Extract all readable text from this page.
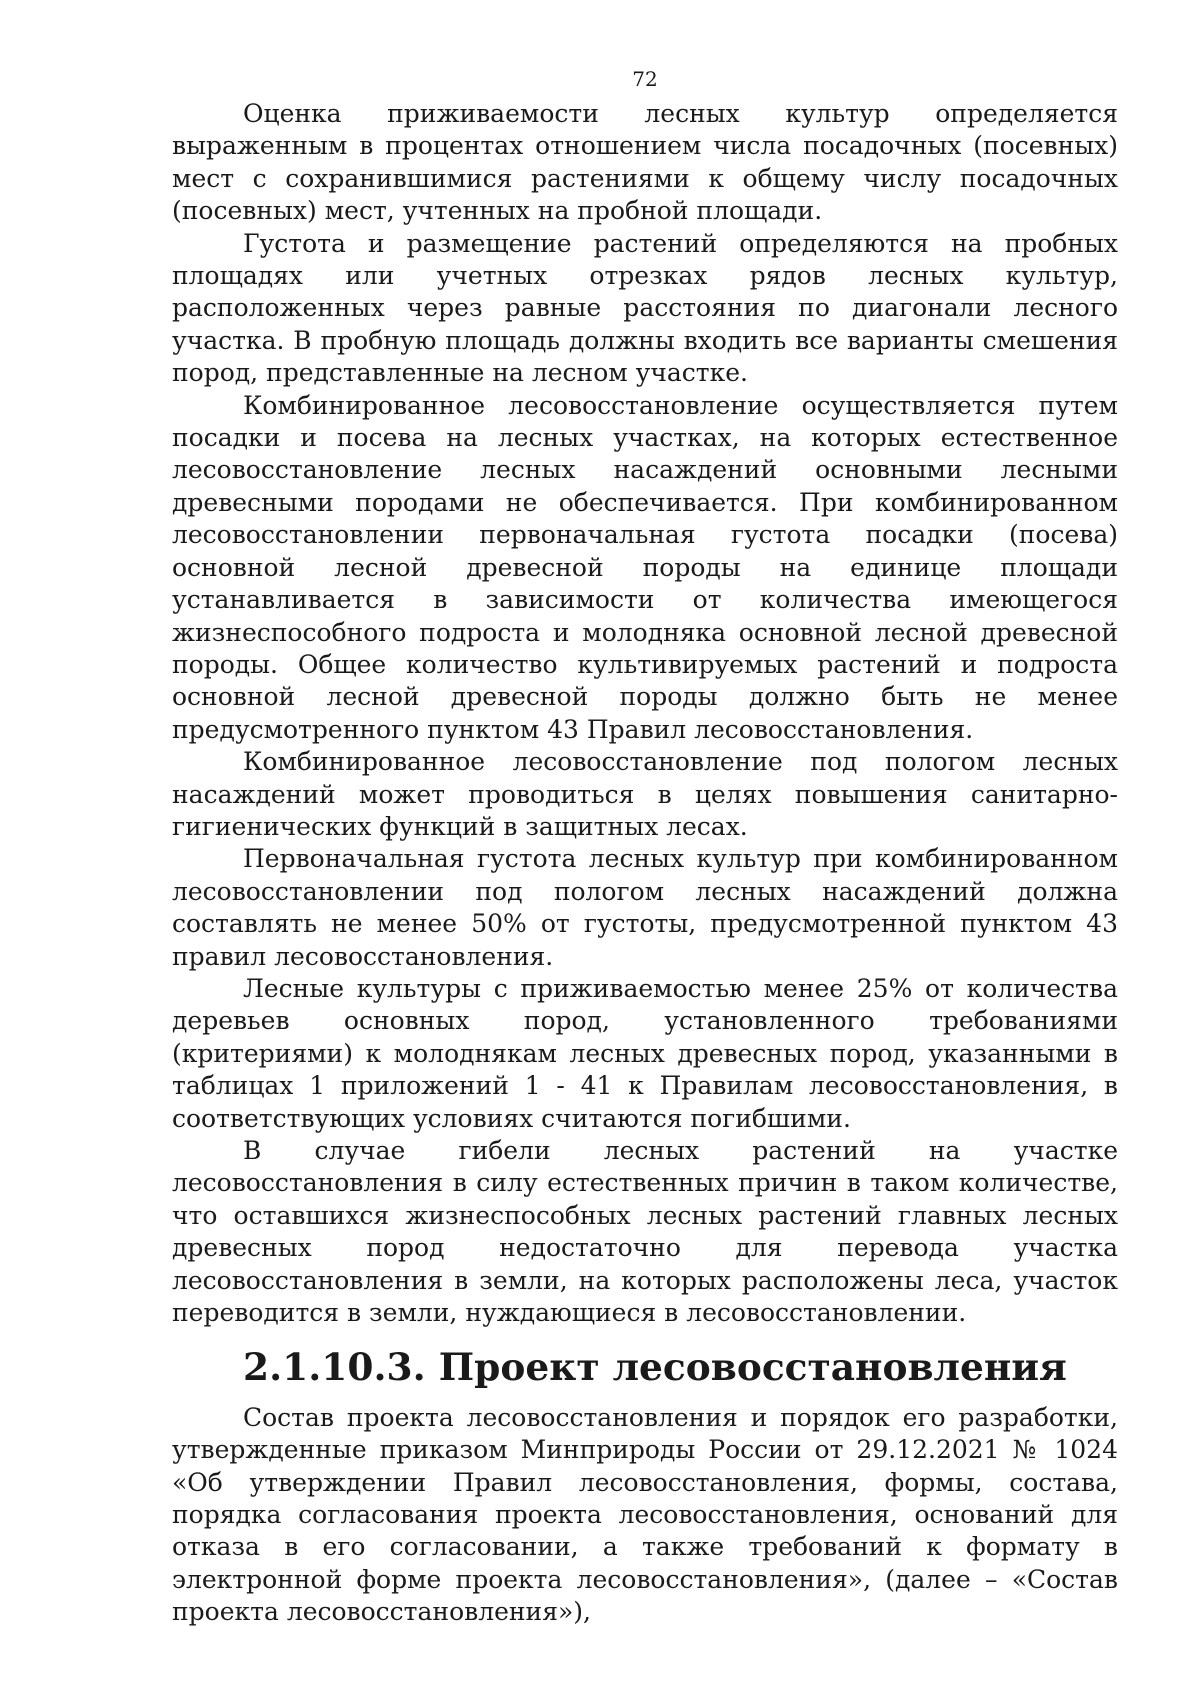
72

Оценка приживаемости лесных культур определяется выраженным в процентах отношением числа посадочных (посевных) мест с сохранившимися растениями к общему числу посадочных (посевных) мест, учтенных на пробной площади.

Густота и размещение растений определяются на пробных площадях или учетных отрезках рядов лесных культур, расположенных через равные расстояния по диагонали лесного участка. В пробную площадь должны входить все варианты смешения пород, представленные на лесном участке.

Комбинированное лесовосстановление осуществляется путем посадки и посева на лесных участках, на которых естественное лесовосстановление лесных насаждений основными лесными древесными породами не обеспечивается. При комбинированном лесовосстановлении первоначальная густота посадки (посева) основной лесной древесной породы на единице площади устанавливается в зависимости от количества имеющегося жизнеспособного подроста и молодняка основной лесной древесной породы. Общее количество культивируемых растений и подроста основной лесной древесной породы должно быть не менее предусмотренного пунктом 43 Правил лесовосстановления.

Комбинированное лесовосстановление под пологом лесных насаждений может проводиться в целях повышения санитарно-гигиенических функций в защитных лесах.

Первоначальная густота лесных культур при комбинированном лесовосстановлении под пологом лесных насаждений должна составлять не менее 50% от густоты, предусмотренной пунктом 43 правил лесовосстановления.

Лесные культуры с приживаемостью менее 25% от количества деревьев основных пород, установленного требованиями (критериями) к молоднякам лесных древесных пород, указанными в таблицах 1 приложений 1 - 41 к Правилам лесовосстановления, в соответствующих условиях считаются погибшими.

В случае гибели лесных растений на участке лесовосстановления в силу естественных причин в таком количестве, что оставшихся жизнеспособных лесных растений главных лесных древесных пород недостаточно для перевода участка лесовосстановления в земли, на которых расположены леса, участок переводится в земли, нуждающиеся в лесовосстановлении.

2.1.10.3. Проект лесовосстановления

Состав проекта лесовосстановления и порядок его разработки, утвержденные приказом Минприроды России от 29.12.2021 № 1024 «Об утверждении Правил лесовосстановления, формы, состава, порядка согласования проекта лесовосстановления, оснований для отказа в его согласовании, а также требований к формату в электронной форме проекта лесовосстановления», (далее – «Состав проекта лесовосстановления»),
